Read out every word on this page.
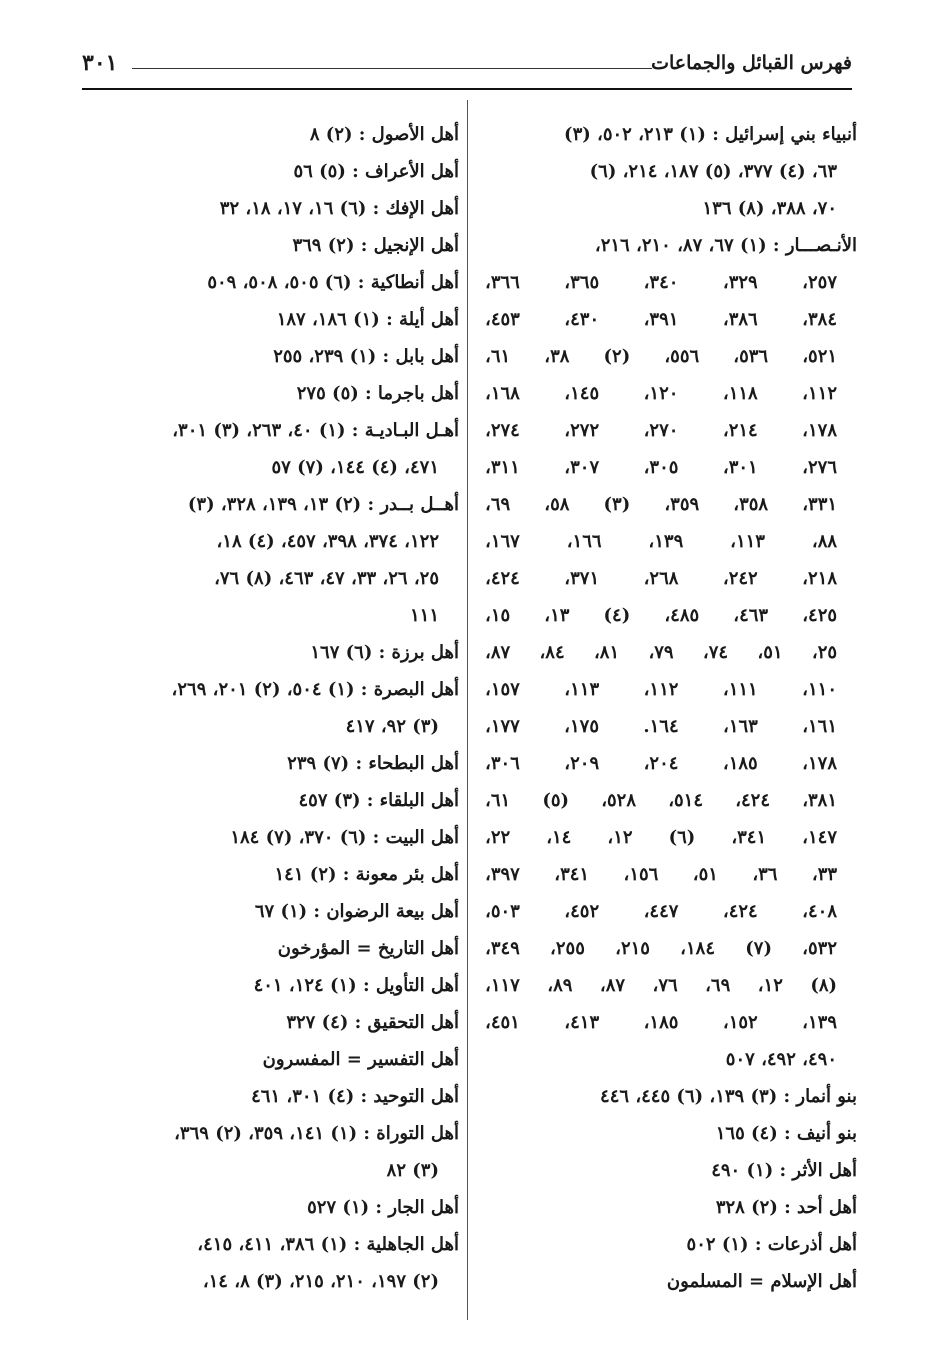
فهرس القبائل والجماعات
٣٠١
أنبياء بني إسرائيل : (١) ٢١٣، ٥٠٢، (٣)
٦٣، (٤) ٣٧٧، (٥) ١٨٧، ٢١٤، (٦)
٧٠، ٣٨٨، (٨) ١٣٦
الأنـصـــار : (١) ٦٧، ٨٧، ٢١٠، ٢١٦،
٢٥٧، ٣٢٩، ٣٤٠، ٣٦٥، ٣٦٦،
٣٨٤، ٣٨٦، ٣٩١، ٤٣٠، ٤٥٣،
٥٢١، ٥٣٦، ٥٥٦، (٢) ٣٨، ٦١،
١١٢، ١١٨، ١٢٠، ١٤٥، ١٦٨،
١٧٨، ٢١٤، ٢٧٠، ٢٧٢، ٢٧٤،
٢٧٦، ٣٠١، ٣٠٥، ٣٠٧، ٣١١،
٣٣١، ٣٥٨، ٣٥٩، (٣) ٥٨، ٦٩،
٨٨، ١١٣، ١٣٩، ١٦٦، ١٦٧،
٢١٨، ٢٤٢، ٢٦٨، ٣٧١، ٤٢٤،
٤٢٥، ٤٦٣، ٤٨٥، (٤) ١٣، ١٥،
٢٥، ٥١، ٧٤، ٧٩، ٨١، ٨٤، ٨٧،
١١٠، ١١١، ١١٢، ١١٣، ١٥٧،
١٦١، ١٦٣، ١٦٤. ١٧٥، ١٧٧،
١٧٨، ١٨٥، ٢٠٤، ٢٠٩، ٣٠٦،
٣٨١، ٤٢٤، ٥١٤، ٥٢٨، (٥) ٦١،
١٤٧، ٣٤١، (٦) ١٢، ١٤، ٢٢،
٣٣، ٣٦، ٥١، ١٥٦، ٣٤١، ٣٩٧،
٤٠٨، ٤٢٤، ٤٤٧، ٤٥٢، ٥٠٣،
٥٣٢، (٧) ١٨٤، ٢١٥، ٢٥٥، ٣٤٩،
(٨) ١٢، ٦٩، ٧٦، ٨٧، ٨٩، ١١٧،
١٣٩، ١٥٢، ١٨٥، ٤١٣، ٤٥١،
٤٩٠، ٤٩٢، ٥٠٧
بنو أنمار : (٣) ١٣٩، (٦) ٤٤٥، ٤٤٦
بنو أنيف : (٤) ١٦٥
أهل الأثر : (١) ٤٩٠
أهل أحد : (٢) ٣٢٨
أهل أذرعات : (١) ٥٠٢
أهل الإسلام = المسلمون
أهل الأصول : (٢) ٨
أهل الأعراف : (٥) ٥٦
أهل الإفك : (٦) ١٦، ١٧، ١٨، ٣٢
أهل الإنجيل : (٢) ٣٦٩
أهل أنطاكية : (٦) ٥٠٥، ٥٠٨، ٥٠٩
أهل أيلة : (١) ١٨٦، ١٨٧
أهل بابل : (١) ٢٣٩، ٢٥٥
أهل باجرما : (٥) ٢٧٥
أهـل البـاديـة : (١) ٤٠، ٢٦٣، (٣) ٣٠١،
٤٧١، (٤) ١٤٤، (٧) ٥٧
أهــل بــدر : (٢) ١٣، ١٣٩، ٣٢٨، (٣)
١٢٢، ٣٧٤، ٣٩٨، ٤٥٧، (٤) ١٨،
٢٥، ٢٦، ٣٣، ٤٧، ٤٦٣، (٨) ٧٦،
١١١
أهل برزة : (٦) ١٦٧
أهل البصرة : (١) ٥٠٤، (٢) ٢٠١، ٢٦٩،
(٣) ٩٢، ٤١٧
أهل البطحاء : (٧) ٢٣٩
أهل البلقاء : (٣) ٤٥٧
أهل البيت : (٦) ٣٧٠، (٧) ١٨٤
أهل بئر معونة : (٢) ١٤١
أهل بيعة الرضوان : (١) ٦٧
أهل التاريخ = المؤرخون
أهل التأويل : (١) ١٢٤، ٤٠١
أهل التحقيق : (٤) ٣٢٧
أهل التفسير = المفسرون
أهل التوحيد : (٤) ٣٠١، ٤٦١
أهل التوراة : (١) ١٤١، ٣٥٩، (٢) ٣٦٩،
(٣) ٨٢
أهل الجار : (١) ٥٢٧
أهل الجاهلية : (١) ٣٨٦، ٤١١، ٤١٥،
(٢) ١٩٧، ٢١٠، ٢١٥، (٣) ٨، ١٤،
